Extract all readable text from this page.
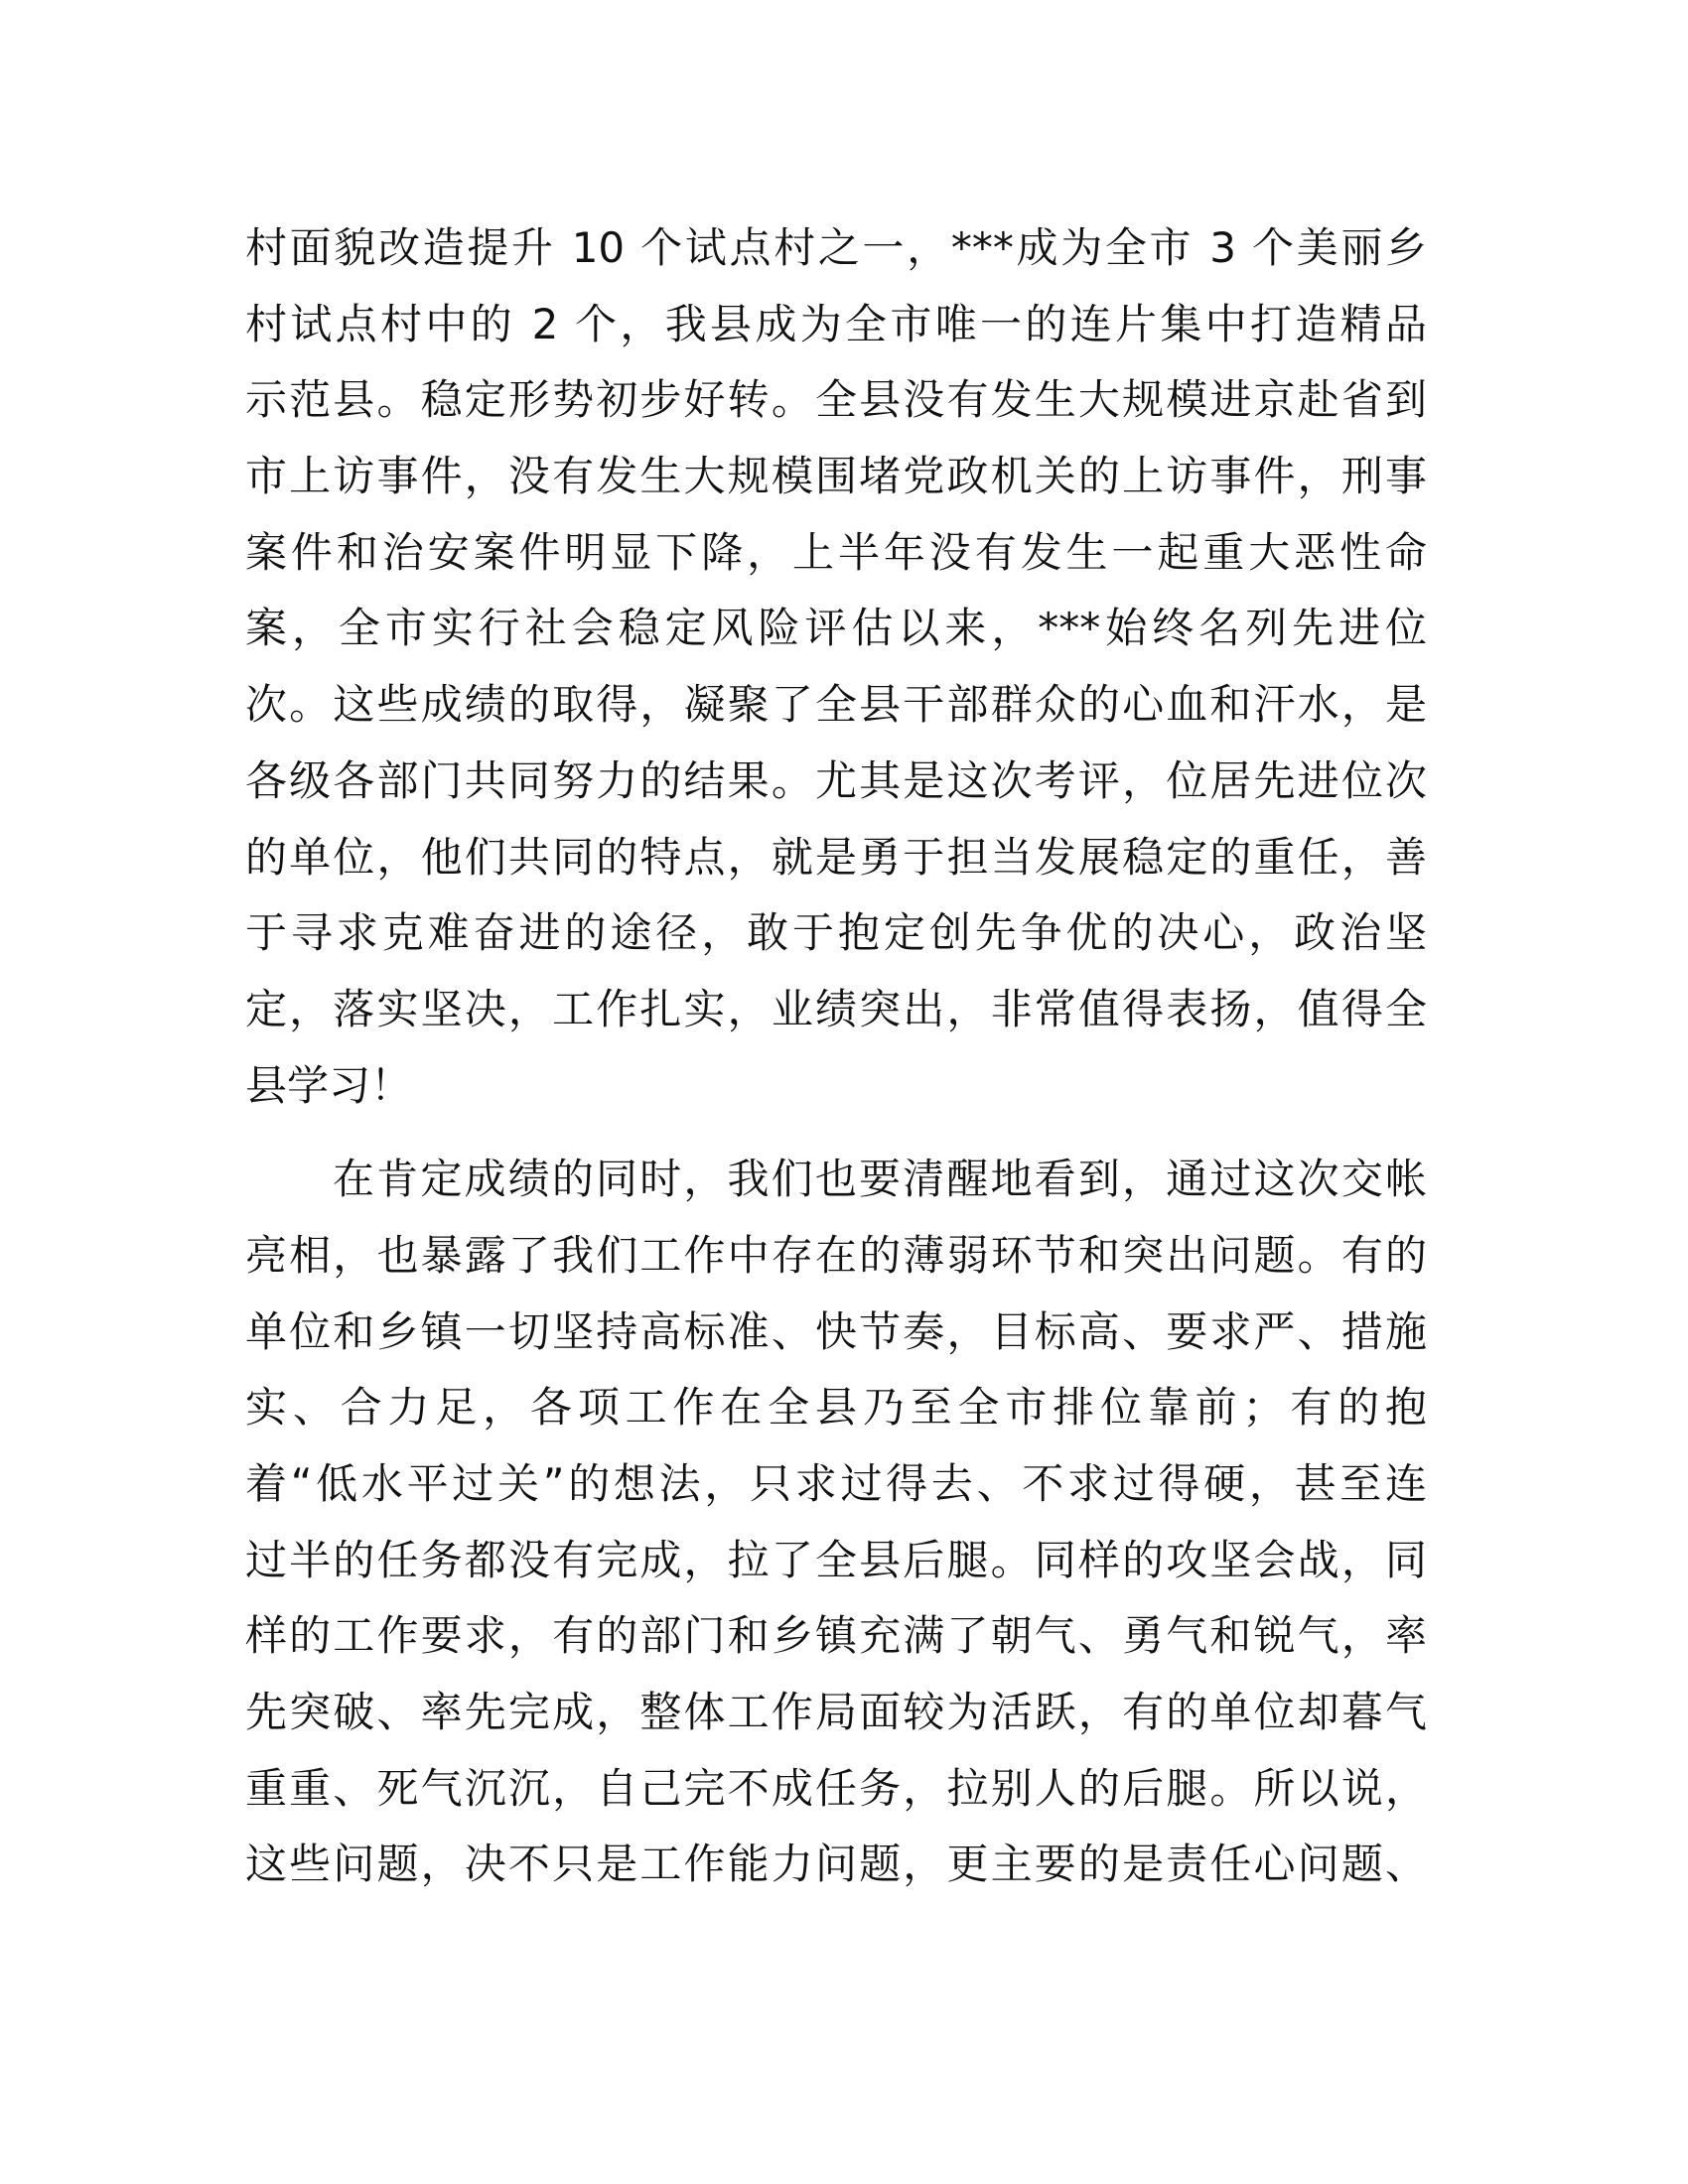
村面貌改造提升 10 个试点村之一，***成为全市 3 个美丽乡
村试点村中的 2 个，我县成为全市唯一的连片集中打造精品
示范县。稳定形势初步好转。全县没有发生大规模进京赴省到
市上访事件，没有发生大规模围堵党政机关的上访事件，刑事
案件和治安案件明显下降，上半年没有发生一起重大恶性命
案，全市实行社会稳定风险评估以来，***始终名列先进位
次。这些成绩的取得，凝聚了全县干部群众的心血和汗水，是
各级各部门共同努力的结果。尤其是这次考评，位居先进位次
的单位，他们共同的特点，就是勇于担当发展稳定的重任，善
于寻求克难奋进的途径，敢于抱定创先争优的决心，政治坚
定，落实坚决，工作扎实，业绩突出，非常值得表扬，值得全
县学习！
在肯定成绩的同时，我们也要清醒地看到，通过这次交帐
亮相，也暴露了我们工作中存在的薄弱环节和突出问题。有的
单位和乡镇一切坚持高标准、快节奏，目标高、要求严、措施
实、合力足，各项工作在全县乃至全市排位靠前；有的抱
着“低水平过关”的想法，只求过得去、不求过得硬，甚至连
过半的任务都没有完成，拉了全县后腿。同样的攻坚会战，同
样的工作要求，有的部门和乡镇充满了朝气、勇气和锐气，率
先突破、率先完成，整体工作局面较为活跃，有的单位却暮气
重重、死气沉沉，自己完不成任务，拉别人的后腿。所以说，
这些问题，决不只是工作能力问题，更主要的是责任心问题、
